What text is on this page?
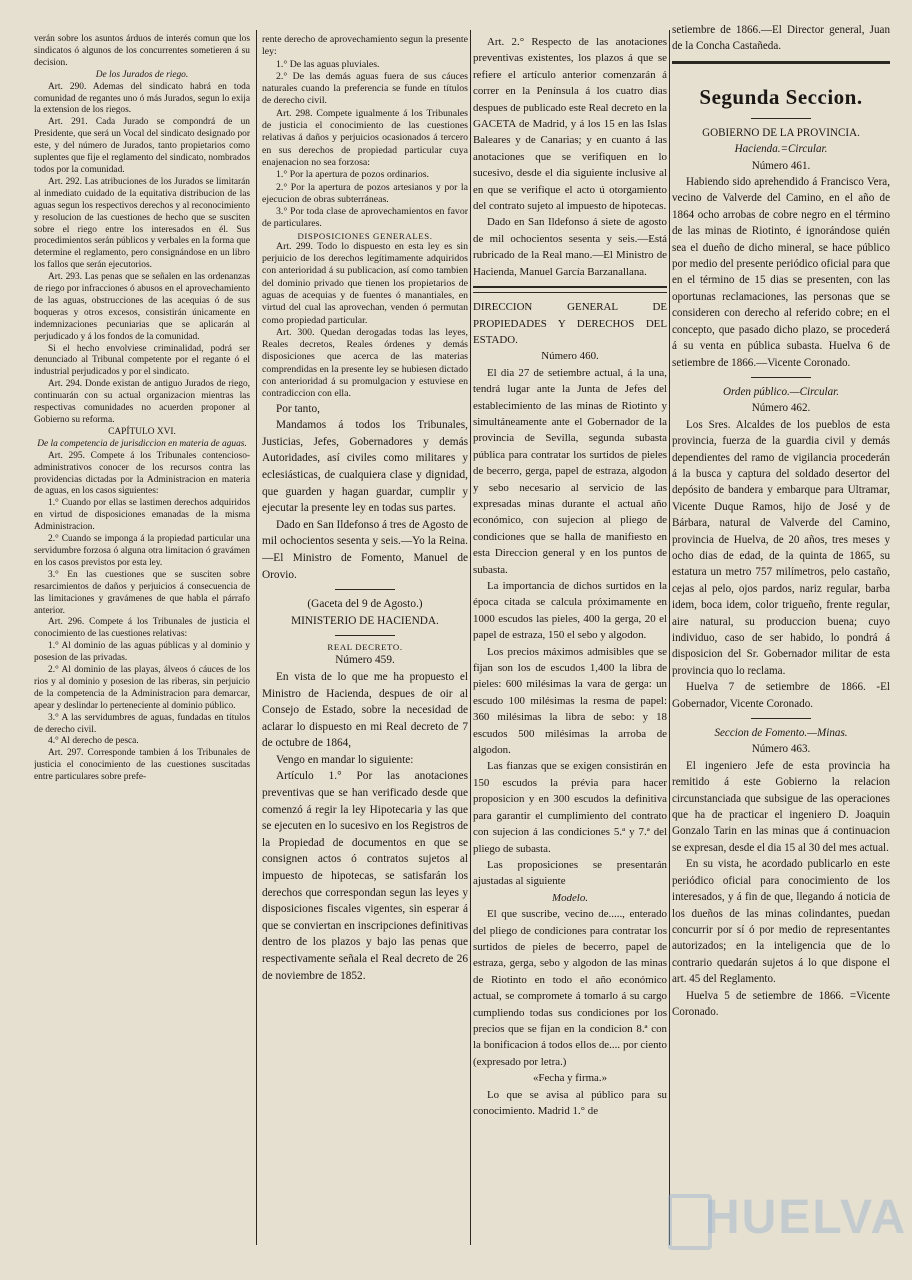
verán sobre los asuntos árduos de interés comun que los sindicatos ó algunos de los concurrentes sometieren á su decision.

De los Jurados de riego.

Art. 290. Ademas del sindicato habrá en toda comunidad de regantes uno ó más Jurados, segun lo exija la extension de los riegos.

Art. 291. Cada Jurado se compondrá de un Presidente, que será un Vocal del sindicato designado por este, y del número de Jurados, tanto propietarios como suplentes que fije el reglamento del sindicato, nombrados todos por la comunidad.

Art. 292. Las atribuciones de los Jurados se limitarán al inmediato cuidado de la equitativa distribucion de las aguas segun los respectivos derechos y al reconocimiento y resolucion de las cuestiones de hecho que se susciten sobre el riego entre los interesados en él. Sus procedimientos serán públicos y verbales en la forma que determine el reglamento, pero consignándose en un libro los fallos que serán ejecutorios.

Art. 293. Las penas que se señalen en las ordenanzas de riego por infracciones ó abusos en el aprovechamiento de las aguas, obstrucciones de las acequias ó de sus boqueras y otros excesos, consistirán únicamente en indemnizaciones pecuniarias que se aplicarán al perjudicado y á los fondos de la comunidad.

Si el hecho envolviese criminalidad, podrá ser denunciado al Tribunal competente por el regante ó el industrial perjudicados y por el sindicato.

Art. 294. Donde existan de antiguo Jurados de riego, continuarán con su actual organizacion mientras las respectivas comunidades no acuerden proponer al Gobierno su reforma.

CAPÍTULO XVI.

De la competencia de jurisdiccion en materia de aguas.

Art. 295. Compete á los Tribunales contencioso-administrativos conocer de los recursos contra las providencias dictadas por la Administracion en materia de aguas, en los casos siguientes:

1.° Cuando por ellas se lastimen derechos adquiridos en virtud de disposiciones emanadas de la misma Administracion.

2.° Cuando se imponga á la propiedad particular una servidumbre forzosa ó alguna otra limitacion ó gravámen en los casos previstos por esta ley.

3.° En las cuestiones que se susciten sobre resarcimientos de daños y perjuicios á consecuencia de las limitaciones y gravámenes de que habla el párrafo anterior.

Art. 296. Compete á los Tribunales de justicia el conocimiento de las cuestiones relativas:

1.° Al dominio de las aguas públicas y al dominio y posesion de las privadas.

2.° Al dominio de las playas, álveos ó cáuces de los rios y al dominio y posesion de las riberas, sin perjuicio de la competencia de la Administracion para demarcar, apear y deslindar lo perteneciente al dominio público.

3.° A las servidumbres de aguas, fundadas en títulos de derecho civil.

4.° Al derecho de pesca.

Art. 297. Corresponde tambien á los Tribunales de justicia el conocimiento de las cuestiones suscitadas entre particulares sobre prefe-

rente derecho de aprovechamiento segun la presente ley:

1.° De las aguas pluviales.

2.° De las demás aguas fuera de sus cáuces naturales cuando la preferencia se funde en títulos de derecho civil.

Art. 298. Compete igualmente á los Tribunales de justicia el conocimiento de las cuestiones relativas á daños y perjuicios ocasionados á tercero en sus derechos de propiedad particular cuya enajenacion no sea forzosa:

1.° Por la apertura de pozos ordinarios.

2.° Por la apertura de pozos artesianos y por la ejecucion de obras subterráneas.

3.° Por toda clase de aprovechamientos en favor de particulares.

DISPOSICIONES GENERALES.

Art. 299. Todo lo dispuesto en esta ley es sin perjuicio de los derechos legítimamente adquiridos con anterioridad á su publicacion, así como tambien del dominio privado que tienen los propietarios de aguas de acequias y de fuentes ó manantiales, en virtud del cual las aprovechan, venden ó permutan como propiedad particular.

Art. 300. Quedan derogadas todas las leyes, Reales decretos, Reales órdenes y demás disposiciones que acerca de las materias comprendidas en la presente ley se hubiesen dictado con anterioridad á su promulgacion y estuviese en contradiccion con ella.

Por tanto,

Mandamos á todos los Tribunales, Justicias, Jefes, Gobernadores y demás Autoridades, así civiles como militares y eclesiásticas, de cualquiera clase y dignidad, que guarden y hagan guardar, cumplir y ejecutar la presente ley en todas sus partes.

Dado en San Ildefonso á tres de Agosto de mil ochocientos sesenta y seis.—Yo la Reina.—El Ministro de Fomento, Manuel de Orovio.

(Gaceta del 9 de Agosto.)

MINISTERIO DE HACIENDA.

REAL DECRETO.

Número 459.

En vista de lo que me ha propuesto el Ministro de Hacienda, despues de oir al Consejo de Estado, sobre la necesidad de aclarar lo dispuesto en mi Real decreto de 7 de octubre de 1864,

Vengo en mandar lo siguiente:

Artículo 1.° Por las anotaciones preventivas que se han verificado desde que comenzó á regir la ley Hipotecaria y las que se ejecuten en lo sucesivo en los Registros de la Propiedad de documentos en que se consignen actos ó contratos sujetos al impuesto de hipotecas, se satisfarán los derechos que correspondan segun las leyes y disposiciones fiscales vigentes, sin esperar á que se conviertan en inscripciones definitivas dentro de los plazos y bajo las penas que respectivamente señala el Real decreto de 26 de noviembre de 1852.

Art. 2.° Respecto de las anotaciones preventivas existentes, los plazos á que se refiere el artículo anterior comenzarán á correr en la Península á los cuatro dias despues de publicado este Real decreto en la GACETA de Madrid, y á los 15 en las Islas Baleares y de Canarias; y en cuanto á las anotaciones que se verifiquen en lo sucesivo, desde el dia siguiente inclusive al en que se verifique el acto ú otorgamiento del contrato sujeto al impuesto de hipotecas.

Dado en San Ildefonso á siete de agosto de mil ochocientos sesenta y seis.—Está rubricado de la Real mano.—El Ministro de Hacienda, Manuel García Barzanallana.

DIRECCION GENERAL DE PROPIEDADES Y DERECHOS DEL ESTADO.

Número 460.

El dia 27 de setiembre actual, á la una, tendrá lugar ante la Junta de Jefes del establecimiento de las minas de Riotinto y simultáneamente ante el Gobernador de la provincia de Sevilla, segunda subasta pública para contratar los surtidos de pieles de becerro, gerga, papel de estraza, algodon y sebo necesario al servicio de las expresadas minas durante el actual año económico, con sujecion al pliego de condiciones que se halla de manifiesto en esta Direccion general y en los puntos de subasta.

La importancia de dichos surtidos en la época citada se calcula próximamente en 1000 escudos las pieles, 400 la gerga, 20 el papel de estraza, 150 el sebo y algodon.

Los precios máximos admisibles que se fijan son los de escudos 1,400 la libra de pieles: 600 milésimas la vara de gerga: un escudo 100 milésimas la resma de papel: 360 milésimas la libra de sebo: y 18 escudos 500 milésimas la arroba de algodon.

Las fianzas que se exigen consistirán en 150 escudos la prévia para hacer proposicion y en 300 escudos la definitiva para garantir el cumplimiento del contrato con sujecion á las condiciones 5.ª y 7.ª del pliego de subasta.

Las proposiciones se presentarán ajustadas al siguiente

Modelo.

El que suscribe, vecino de....., enterado del pliego de condiciones para contratar los surtidos de pieles de becerro, papel de estraza, gerga, sebo y algodon de las minas de Riotinto en todo el año económico actual, se compromete á tomarlo á su cargo cumpliendo todas sus condiciones por los precios que se fijan en la condicion 8.ª con la bonificacion á todos ellos de.... por ciento (expresado por letra.)

«Fecha y firma.»

Lo que se avisa al público para su conocimiento. Madrid 1.° de

setiembre de 1866.—El Director general, Juan de la Concha Castañeda.

Segunda Seccion.

GOBIERNO DE LA PROVINCIA.

Hacienda.=Circular.

Número 461.

Habiendo sido aprehendido á Francisco Vera, vecino de Valverde del Camino, en el año de 1864 ocho arrobas de cobre negro en el término de las minas de Riotinto, é ignorándose quién sea el dueño de dicho mineral, se hace público por medio del presente periódico oficial para que en el término de 15 dias se presenten, con las oportunas reclamaciones, las personas que se consideren con derecho al referido cobre; en el concepto, que pasado dicho plazo, se procederá á su venta en pública subasta. Huelva 6 de setiembre de 1866.—Vicente Coronado.

Orden público.—Circular.

Número 462.

Los Sres. Alcaldes de los pueblos de esta provincia, fuerza de la guardia civil y demás dependientes del ramo de vigilancia procederán á la busca y captura del soldado desertor del depósito de bandera y embarque para Ultramar, Vicente Duque Ramos, hijo de José y de Bárbara, natural de Valverde del Camino, provincia de Huelva, de 20 años, tres meses y ocho dias de edad, de la quinta de 1865, su estatura un metro 757 milímetros, pelo castaño, cejas al pelo, ojos pardos, nariz regular, barba idem, boca idem, color trigueño, frente regular, aire natural, su produccion buena; cuyo individuo, caso de ser habido, lo pondrá á disposicion del Sr. Gobernador militar de esta provincia quo lo reclama.

Huelva 7 de setiembre de 1866. -El Gobernador, Vicente Coronado.

Seccion de Fomento.—Minas.

Número 463.

El ingeniero Jefe de esta provincia ha remitido á este Gobierno la relacion circunstanciada que subsigue de las operaciones que ha de practicar el ingeniero D. Joaquin Gonzalo Tarin en las minas que á continuacion se expresan, desde el dia 15 al 30 del mes actual.

En su vista, he acordado publicarlo en este periódico oficial para conocimiento de los interesados, y á fin de que, llegando á noticia de los dueños de las minas colindantes, puedan concurrir por sí ó por medio de representantes autorizados; en la inteligencia que de lo contrario quedarán sujetos á lo que dispone el art. 45 del Reglamento.

Huelva 5 de setiembre de 1866. =Vicente Coronado.

HUELVA
